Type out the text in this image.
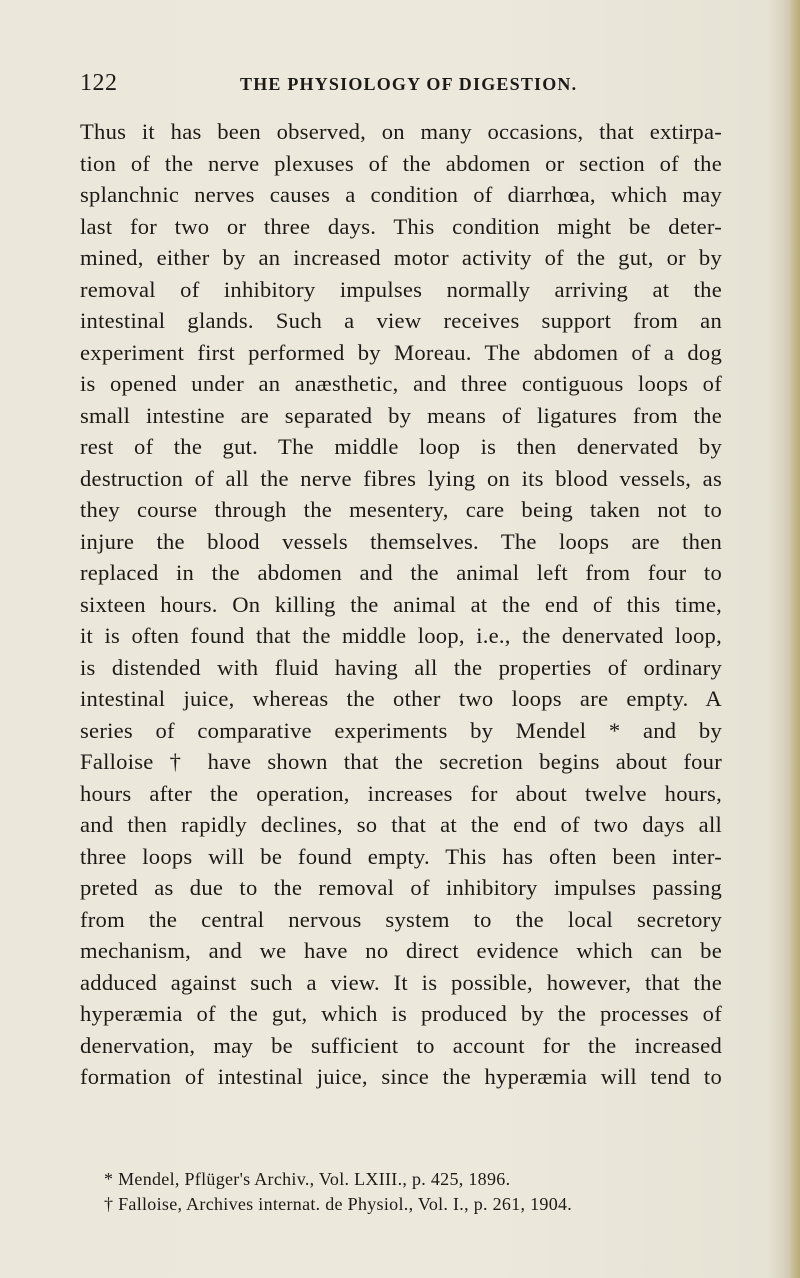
122	THE PHYSIOLOGY OF DIGESTION.
Thus it has been observed, on many occasions, that extirpa-
tion of the nerve plexuses of the abdomen or section of the
splanchnic nerves causes a condition of diarrhœa, which may
last for two or three days. This condition might be deter-
mined, either by an increased motor activity of the gut, or by
removal of inhibitory impulses normally arriving at the
intestinal glands. Such a view receives support from an
experiment first performed by Moreau. The abdomen of a dog
is opened under an anæsthetic, and three contiguous loops of
small intestine are separated by means of ligatures from the
rest of the gut. The middle loop is then denervated by
destruction of all the nerve fibres lying on its blood vessels, as
they course through the mesentery, care being taken not to
injure the blood vessels themselves. The loops are then
replaced in the abdomen and the animal left from four to
sixteen hours. On killing the animal at the end of this time,
it is often found that the middle loop, i.e., the denervated loop,
is distended with fluid having all the properties of ordinary
intestinal juice, whereas the other two loops are empty. A
series of comparative experiments by Mendel * and by
Falloise † have shown that the secretion begins about four
hours after the operation, increases for about twelve hours,
and then rapidly declines, so that at the end of two days all
three loops will be found empty. This has often been inter-
preted as due to the removal of inhibitory impulses passing
from the central nervous system to the local secretory
mechanism, and we have no direct evidence which can be
adduced against such a view. It is possible, however, that the
hyperæmia of the gut, which is produced by the processes of
denervation, may be sufficient to account for the increased
formation of intestinal juice, since the hyperæmia will tend to
* Mendel, Pflüger's Archiv., Vol. LXIII., p. 425, 1896.
† Falloise, Archives internat. de Physiol., Vol. I., p. 261, 1904.
